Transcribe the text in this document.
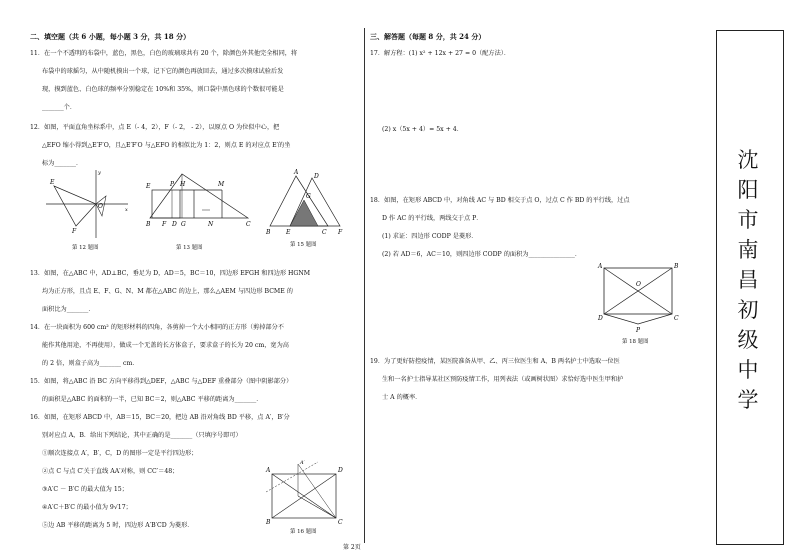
二、填空题（共 6 小题，每小题 3 分，共 18 分）
11．在一个不透明的布袋中，蓝色，黑色，白色的玻璃球共有 20 个，除颜色外其他完全相同，将
布袋中的球摇匀，从中随机摸出一个球，记下它的颜色再放回去，通过多次摸球试验后发
现，摸到蓝色、白色球的频率分别稳定在 10%和 35%，则口袋中黑色球的个数很可能是
_______个．
12．如图，平面直角坐标系中，点 E（- 4，2），F（- 2， - 2），以原点 O 为位似中心，把
△EFO 缩小得到△E′F′O，且△E′F′O 与△EFO 的相似比为 1：2，则点 E 的对应点 E′的坐
标为_______．
E
F
O	x
y
第 12 题图
E	P H	M
B F D G	N	C
第 13 题图
A
D
G
B	E	C F
第 15 题图
13．如图，在△ABC 中，AD⊥BC，垂足为 D，AD＝5，BC＝10，四边形 EFGH 和四边形 HGNM
均为正方形，且点 E、F、G、N、M 都在△ABC 的边上，那么△AEM 与四边形 BCME 的
面积比为_______．
14．在一块面积为 600 cm² 的矩形材料的四角，各剪掉一个大小相同的正方形（剪掉部分不
能作其他用途，不再使用），做成一个无盖的长方体盒子，要求盒子的长为 20 cm，宽为高
的 2 倍，则盒子高为_______ cm．
15．如图，将△ABC 沿 BC 方向平移得到△DEF，△ABC 与△DEF 重叠部分（图中阴影部分）
的面积是△ABC 的面积的一半，已知 BC＝2，则△ABC 平移的距离为_______．
16．如图，在矩形 ABCD 中，AB＝15，BC＝20，把边 AB 沿对角线 BD 平移，点 A′，B′分
别对应点 A，B．给出下列结论，其中正确的是_______（只填序号即可）
①顺次连接点 A′，B′，C，D 的图形一定是平行四边形；
②点 C 与点 C′关于直线 AA′对称，则 CC′＝48；
③A′C － B′C 的最大值为 15；
④A′C＋B′C 的最小值为 9√17；
⑤边 AB 平移的距离为 5 时，四边形 A′B′CD 为菱形．
A	D
B	C
A′
第 16 题图
三、解答题（每题 8 分，共 24 分）
17．解方程：(1) x² + 12x + 27 = 0（配方法）．
(2) x（5x + 4）= 5x + 4．
18．如图，在矩形 ABCD 中，对角线 AC 与 BD 相交于点 O，过点 C 作 BD 的平行线，过点
D 作 AC 的平行线，两线交于点 P．
(1) 求证：四边形 CODP 是菱形．
(2) 若 AD＝6，AC＝10，则四边形 CODP 的面积为_______________．
A	B
O
D	C
P
第 18 题图
19．为了更好防控疫情，某医院准备从甲、乙、丙三位医生和 A、B 两名护士中选取一位医
生和一名护士指导某社区预防疫情工作，用列表法（或画树状图）求恰好选中医生甲和护
士 A 的概率．
沈阳市南昌初级中学
第 2页
